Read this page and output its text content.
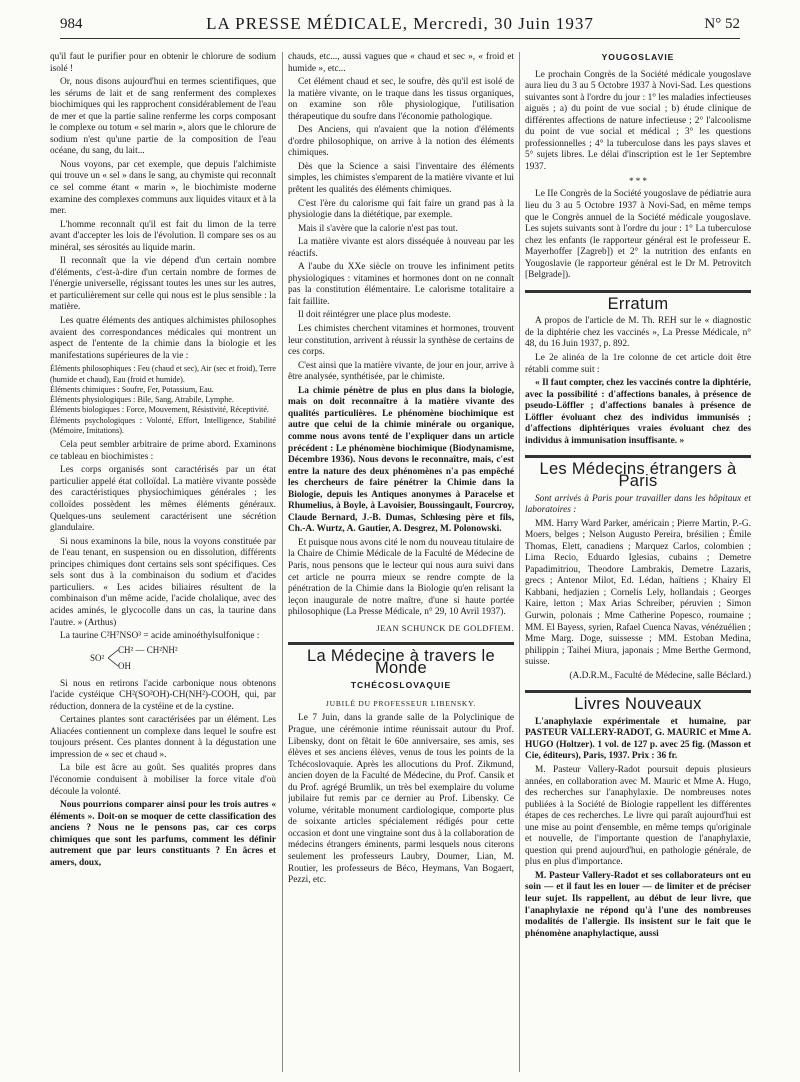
984	LA PRESSE MÉDICALE, Mercredi, 30 Juin 1937	N° 52

qu'il faut le purifier pour en obtenir le chlorure de sodium isolé !

Or, nous disons aujourd'hui en termes scientifiques, que les sérums de lait et de sang renferment des complexes biochimiques qui les rapprochent considérablement de l'eau de mer et que la partie saline renferme les corps composant le complexe ou totum « sel marin », alors que le chlorure de sodium n'est qu'une partie de la composition de l'eau océane, du sang, du lait...

Nous voyons, par cet exemple, que depuis l'alchimiste qui trouve un « sel » dans le sang, au chymiste qui reconnaît ce sel comme étant « marin », le biochimiste moderne examine des complexes communs aux liquides vitaux et à la mer.

L'homme reconnaît qu'il est fait du limon de la terre avant d'accepter les lois de l'évolution. Il compare ses os au minéral, ses sérosités au liquide marin.

Il reconnaît que la vie dépend d'un certain nombre d'éléments, c'est-à-dire d'un certain nombre de formes de l'énergie universelle, régissant toutes les unes sur les autres, et particulièrement sur celle qui nous est le plus sensible : la matière.

Les quatre éléments des antiques alchimistes philosophes avaient des correspondances médicales qui montrent un aspect de l'entente de la chimie dans la biologie et les manifestations supérieures de la vie :

Éléments philosophiques : Feu (chaud et sec), Air (sec et froid), Terre (humide et chaud), Eau (froid et humide).

Éléments chimiques : Soufre, Fer, Potassium, Eau.

Éléments physiologiques : Bile, Sang, Atrabile, Lymphe.

Éléments biologiques : Force, Mouvement, Résistivité, Réceptivité.

Éléments psychologiques : Volonté, Effort, Intelligence, Stabilité (Mémoire, Imitations).

Cela peut sembler arbitraire de prime abord. Examinons ce tableau en biochimistes :

Les corps organisés sont caractérisés par un état particulier appelé état colloïdal. La matière vivante possède des caractéristiques physiochimiques générales ; les colloïdes possèdent les mêmes éléments généraux. Quelques-uns seulement caractérisent une sécrétion glandulaire.

Si nous examinons la bile, nous la voyons constituée par de l'eau tenant, en suspension ou en dissolution, différents principes chimiques dont certains sels sont spécifiques. Ces sels sont dus à la combinaison du sodium et d'acides particuliers. « Les acides biliaires résultent de la combinaison d'un même acide, l'acide cholalique, avec des acides aminés, le glycocolle dans un cas, la taurine dans l'autre. » (Arthus)

La taurine C²H⁷NSO³ = acide aminoéthylsulfonique :

CH² — CH²NH²
SO²
OH

Si nous en retirons l'acide carbonique nous obtenons l'acide cystéique CH²(SO²OH)-CH(NH²)-COOH, qui, par réduction, donnera de la cystéine et de la cystine.

Certaines plantes sont caractérisées par un élément. Les Aliacées contiennent un complexe dans lequel le soufre est toujours présent. Ces plantes donnent à la dégustation une impression de « sec et chaud ».

La bile est âcre au goût. Ses qualités propres dans l'économie conduisent à mobiliser la force vitale d'où découle la volonté.

Nous pourrions comparer ainsi pour les trois autres « éléments ». Doit-on se moquer de cette classification des anciens ? Nous ne le pensons pas, car ces corps chimiques que sont les parfums, comment les définir autrement que par leurs constituants ? En âcres et amers, doux,

chauds, etc..., aussi vagues que « chaud et sec », « froid et humide », etc...

Cet élément chaud et sec, le soufre, dès qu'il est isolé de la matière vivante, on le traque dans les tissus organiques, on examine son rôle physiologique, l'utilisation thérapeutique du soufre dans l'économie pathologique.

Des Anciens, qui n'avaient que la notion d'éléments d'ordre philosophique, on arrive à la notion des éléments chimiques.

Dès que la Science a saisi l'inventaire des éléments simples, les chimistes s'emparent de la matière vivante et lui prêtent les qualités des éléments chimiques.

C'est l'ère du calorisme qui fait faire un grand pas à la physiologie dans la diététique, par exemple.

Mais il s'avère que la calorie n'est pas tout.

La matière vivante est alors disséquée à nouveau par les réactifs.

A l'aube du XXe siècle on trouve les infiniment petits physiologiques : vitamines et hormones dont on ne connaît pas la constitution élémentaire. Le calorisme totalitaire a fait faillite.

Il doit réintégrer une place plus modeste.

Les chimistes cherchent vitamines et hormones, trouvent leur constitution, arrivent à réussir la synthèse de certains de ces corps.

C'est ainsi que la matière vivante, de jour en jour, arrive à être analysée, synthétisée, par le chimiste.

La chimie pénètre de plus en plus dans la biologie, mais on doit reconnaître à la matière vivante des qualités particulières. Le phénomène biochimique est autre que celui de la chimie minérale ou organique, comme nous avons tenté de l'expliquer dans un article précédent : Le phénomène biochimique (Biodynamisme, Décembre 1936). Nous devons le reconnaître, mais, c'est entre la nature des deux phénomènes n'a pas empêché les chercheurs de faire pénétrer la Chimie dans la Biologie, depuis les Antiques anonymes à Paracelse et Rhumelius, à Boyle, à Lavoisier, Boussingault, Fourcroy, Claude Bernard, J.-B. Dumas, Schlœsing père et fils, Ch.-A. Wurtz, A. Gautier, A. Desgrez, M. Polonowski.

Et puisque nous avons cité le nom du nouveau titulaire de la Chaire de Chimie Médicale de la Faculté de Médecine de Paris, nous pensons que le lecteur qui nous aura suivi dans cet article ne pourra mieux se rendre compte de la pénétration de la Chimie dans la Biologie qu'en relisant la leçon inaugurale de notre maître, d'une si haute portée philosophique (La Presse Médicale, n° 29, 10 Avril 1937).

JEAN SCHUNCK DE GOLDFIEM.
La Médecine à travers le Monde
TCHÉCOSLOVAQUIE
JUBILÉ DU PROFESSEUR LIBENSKY.

Le 7 Juin, dans la grande salle de la Polyclinique de Prague, une cérémonie intime réunissait autour du Prof. Libensky, dont on fêtait le 60e anniversaire, ses amis, ses élèves et ses anciens élèves, venus de tous les points de la Tchécoslovaquie. Après les allocutions du Prof. Zikmund, ancien doyen de la Faculté de Médecine, du Prof. Cansik et du Prof. agrégé Brumlik, un très bel exemplaire du volume jubilaire fut remis par ce dernier au Prof. Libensky. Ce volume, véritable monument cardiologique, comporte plus de soixante articles spécialement rédigés pour cette occasion et dont une vingtaine sont dus à la collaboration de médecins étrangers éminents, parmi lesquels nous citerons seulement les professeurs Laubry, Doumer, Lian, M. Routier, les professeurs de Béco, Heymans, Van Bogaert, Pezzi, etc.

YOUGOSLAVIE

Le prochain Congrès de la Société médicale yougoslave aura lieu du 3 au 5 Octobre 1937 à Novi-Sad. Les questions suivantes sont à l'ordre du jour : 1° les maladies infectieuses aiguës ; a) du point de vue social ; b) étude clinique de différentes affections de nature infectieuse ; 2° l'alcoolisme du point de vue social et médical ; 3° les questions professionnelles ; 4° la tuberculose dans les pays slaves et 5° sujets libres. Le délai d'inscription est le 1er Septembre 1937.

* * *

Le IIe Congrès de la Société yougoslave de pédiatrie aura lieu du 3 au 5 Octobre 1937 à Novi-Sad, en même temps que le Congrès annuel de la Société médicale yougoslave. Les sujets suivants sont à l'ordre du jour : 1° La tuberculose chez les enfants (le rapporteur général est le professeur E. Mayerhoffer [Zagreb]) et 2° la nutrition des enfants en Yougoslavie (le rapporteur général est le Dr M. Petrovitch [Belgrade]).

Erratum

A propos de l'article de M. Th. REH sur le « diagnostic de la diphtérie chez les vaccinés », La Presse Médicale, n° 48, du 16 Juin 1937, p. 892.

Le 2e alinéa de la 1re colonne de cet article doit être rétabli comme suit :

« Il faut compter, chez les vaccinés contre la diphtérie, avec la possibilité : d'affections banales, à présence de pseudo-Löffler ; d'affections banales à présence de Löffler évoluant chez des individus immunisés ; d'affections diphtériques vraies évoluant chez des individus à immunisation insuffisante. »

Les Médecins étrangers à Paris

Sont arrivés à Paris pour travailler dans les hôpitaux et laboratoires :

MM. Harry Ward Parker, américain ; Pierre Martin, P.-G. Moers, belges ; Nelson Augusto Pereira, brésilien ; Émile Thomas, Elett, canadiens ; Marquez Carlos, colombien ; Lima Recio, Eduardo Iglesias, cubains ; Demetre Papadimitriou, Theodore Lambrakis, Demetre Lazaris, grecs ; Antenor Milot, Ed. Lédan, haïtiens ; Khairy El Kabbani, hedjazien ; Cornelis Lely, hollandais ; Georges Kaire, letton ; Max Arias Schreiber, péruvien ; Simon Gurwin, polonais ; Mme Catherine Popesco, roumaine ; MM. El Bayess, syrien, Rafael Cuenca Navas, vénézuélien ; Mme Marg. Doge, suissesse ; MM. Estoban Medina, philippin ; Taihei Miura, japonais ; Mme Berthe Germond, suisse.

(A.D.R.M., Faculté de Médecine, salle Béclard.)

Livres Nouveaux

L'anaphylaxie expérimentale et humaine, par PASTEUR VALLERY-RADOT, G. MAURIC et Mme A. HUGO (Holtzer). 1 vol. de 127 p. avec 25 fig. (Masson et Cie, éditeurs), Paris, 1937. Prix : 36 fr.

M. Pasteur Vallery-Radot poursuit depuis plusieurs années, en collaboration avec M. Mauric et Mme A. Hugo, des recherches sur l'anaphylaxie. De nombreuses notes publiées à la Société de Biologie rappellent les différentes étapes de ces recherches. Le livre qui paraît aujourd'hui est une mise au point d'ensemble, en même temps qu'originale et nouvelle, de l'importante question de l'anaphylaxie, question qui prend aujourd'hui, en pathologie générale, de plus en plus d'importance.

M. Pasteur Vallery-Radot et ses collaborateurs ont eu soin — et il faut les en louer — de limiter et de préciser leur sujet. Ils rappellent, au début de leur livre, que l'anaphylaxie ne répond qu'à l'une des nombreuses modalités de l'allergie. Ils insistent sur le fait que le phénomène anaphylactique, aussi
